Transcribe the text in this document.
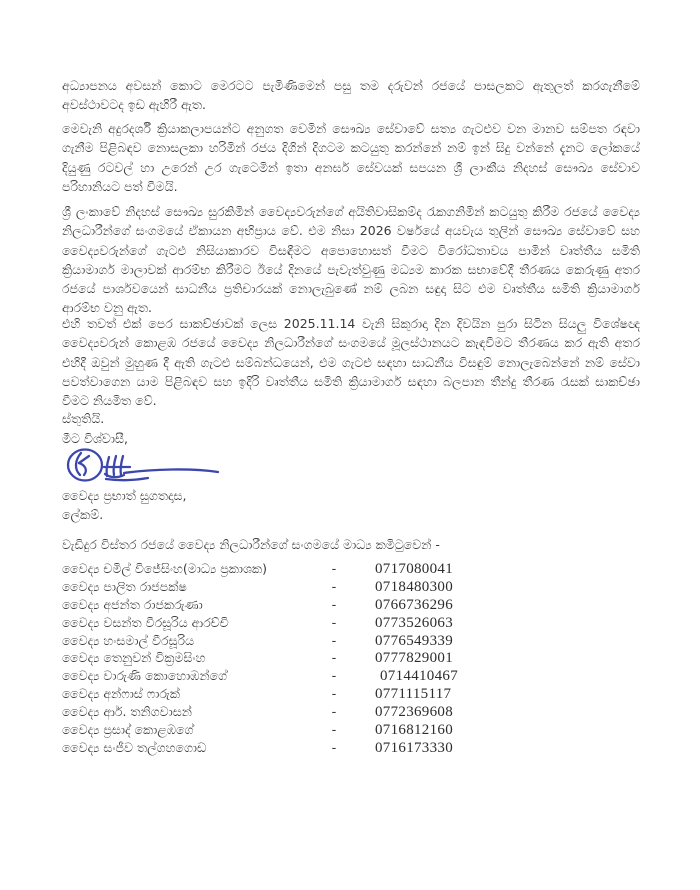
අධ්‍යාපනය අවසන් කොට මෙරටට පැමිණිමෙන් පසු තම දරුවන් රජයේ පාසලකට ඇතුලත් කරගැනීමේ අවස්ථාවටද ඉඩ ඇහිරී ඇත.
මෙවැනි අදුරදර්ශී ක්‍රියාකලාපයන්ට අනුගත වෙමින් සෞඛ්‍ය සේවාවේ සත්‍ය ගැටළුව වන මානව සම්පත රඳවා ගැනීම පිළිබඳව නොසලකා හරිමින් රජය දිගින් දිගටම කටයුතු කරන්නේ නම් ඉන් සිදු වන්නේ දැනට ලෝකයේ දියුණු රටවල් හා උරෙන් උර ගැටෙමින් ඉතා අනර්ඝ සේවයක් සපයන ශ්‍රී ලාංකීය නිදහස් සෞඛ්‍ය සේවාව පරිහානියට පත් වීමයි.
ශ්‍රී ලංකාවේ නිදහස් සෞඛ්‍ය සුරකිමින් වෛද්‍යවරුන්ගේ අයිතිවාසිකම්ද රැකගනිමින් කටයුතු කිරීම රජයේ වෛද්‍ය නිලධාරීන්ගේ සංගමයේ ඒකායන අභිප්‍රාය වේ. එම නිසා 2026 වර්ෂයේ අයවැය තුලින් සෞඛ්‍ය සේවාවේ සහ වෛද්‍යවරුන්ගේ ගැටළු නිසියාකාරව විසඳීමට අපොහොසත් වීමට විරෝධතාවය පාමින් වෘත්තීය සමිති ක්‍රියාමාර්ග මාලාවක් ආරම්භ කිරීමට ඊයේ දිනයේ පැවැත්වුණු මධ්‍යම කාරක සභාවේදී තීරණය කෙරුණු අතර රජයේ පාර්ශවයෙන් සාධනීය ප්‍රතිචාරයක් නොලැබුණේ නම් ලබන සඳුදා සිට එම වෘත්තීය සමිති ක්‍රියාමාර්ග ආරම්භ වනු ඇත.
එහි තවත් එක් පෙර සාකච්ඡාවක් ලෙස 2025.11.14 වැනි සිකුරාදා දින දිවයින පුරා සිටින සියලු විශේෂඥ වෛද්‍යවරුන් කොළඹ රජයේ වෛද්‍ය නිලධාරීන්ගේ සංගමයේ මූලස්ථානයට කැඳවීමට තීරණය කර ඇති අතර එහිදී ඔවුන් මුහුණ දී ඇති ගැටළු සම්බන්ධයෙන්, එම ගැටළු සඳහා සාධනීය විසඳුම් නොලැබෙන්නේ නම් සේවා පවත්වාගෙන යාම පිළිබඳව සහ ඉදිරි වෘත්තීය සමිති ක්‍රියාමාර්ග සඳහා බලපාන තීන්දු තීරණ රැසක් සාකච්ඡා වීමට නියමිත වේ.
ස්තුතියි.
මීට විශ්වාසී,
වෛද්‍ය ප්‍රභාත් සුගතදාස,
ලේකම්.
වැඩිදුර විස්තර රජයේ වෛද්‍ය නිලධාරීන්ගේ සංගමයේ මාධ්‍ය කමිටුවෙන් -
වෛද්‍ය චමිල් විජේසිංහ(මාධ්‍ය ප්‍රකාශක)	-	0717080041
වෛද්‍ය පාලිත රාජපක්ෂ	-	0718480300
වෛද්‍ය අජන්ත රාජකරුණා	-	0766736296
වෛද්‍ය වසන්ත වීරසූරිය ආරච්චි	-	0773526063
වෛද්‍ය හංසමාල් වීරසූරිය	-	0776549339
වෛද්‍ය තෙනුවන් වික්‍රමසිංහ	-	0777829001
වෛද්‍ය වාරුණි කොහොඹන්ගේ	-	0714410467
වෛද්‍ය අන්ෆාස් ෆාරුක්	-	0771115117
වෛද්‍ය ආර්. තනිගවාසන්	-	0772369608
වෛද්‍ය ප්‍රසාද් කොළඹගේ	-	0716812160
වෛද්‍ය සංජීව තල්ගහගොඩ	-	0716173330
